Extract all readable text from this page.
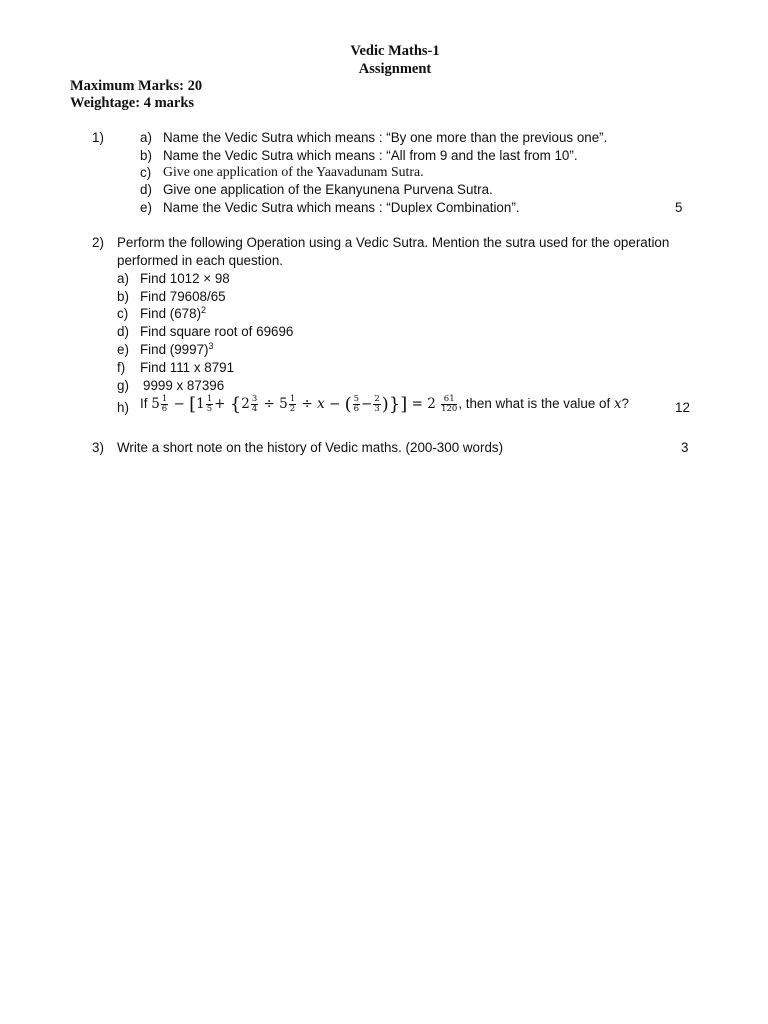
Vedic Maths-1
Assignment
Maximum Marks: 20
Weightage: 4 marks
1)	a) Name the Vedic Sutra which means : “By one more than the previous one”.
b) Name the Vedic Sutra which means : “All from 9 and the last from 10”.
c) Give one application of the Yaavadunam Sutra.
d) Give one application of the Ekanyunena Purvena Sutra.
e) Name the Vedic Sutra which means : “Duplex Combination”.	5
2) Perform the following Operation using a Vedic Sutra. Mention the sutra used for the operation
performed in each question.
a) Find 1012 × 98
b) Find 79608/65
c) Find $(678)^2$
d) Find square root of 69696
e) Find $(9997)^3$
f) Find 111 x 8791
g) 9999 x 87396
h) If $5 \frac{1}{6} - [1 \frac{1}{5} + \{2 \frac{3}{4} \div 5 \frac{1}{2} \div x$ − ( $\frac{5}{6} - \frac{2}{3}$ )}] = $2 \frac{61}{120}$ , then what is the value of x?	12
3) Write a short note on the history of Vedic maths. (200-300 words)	3
